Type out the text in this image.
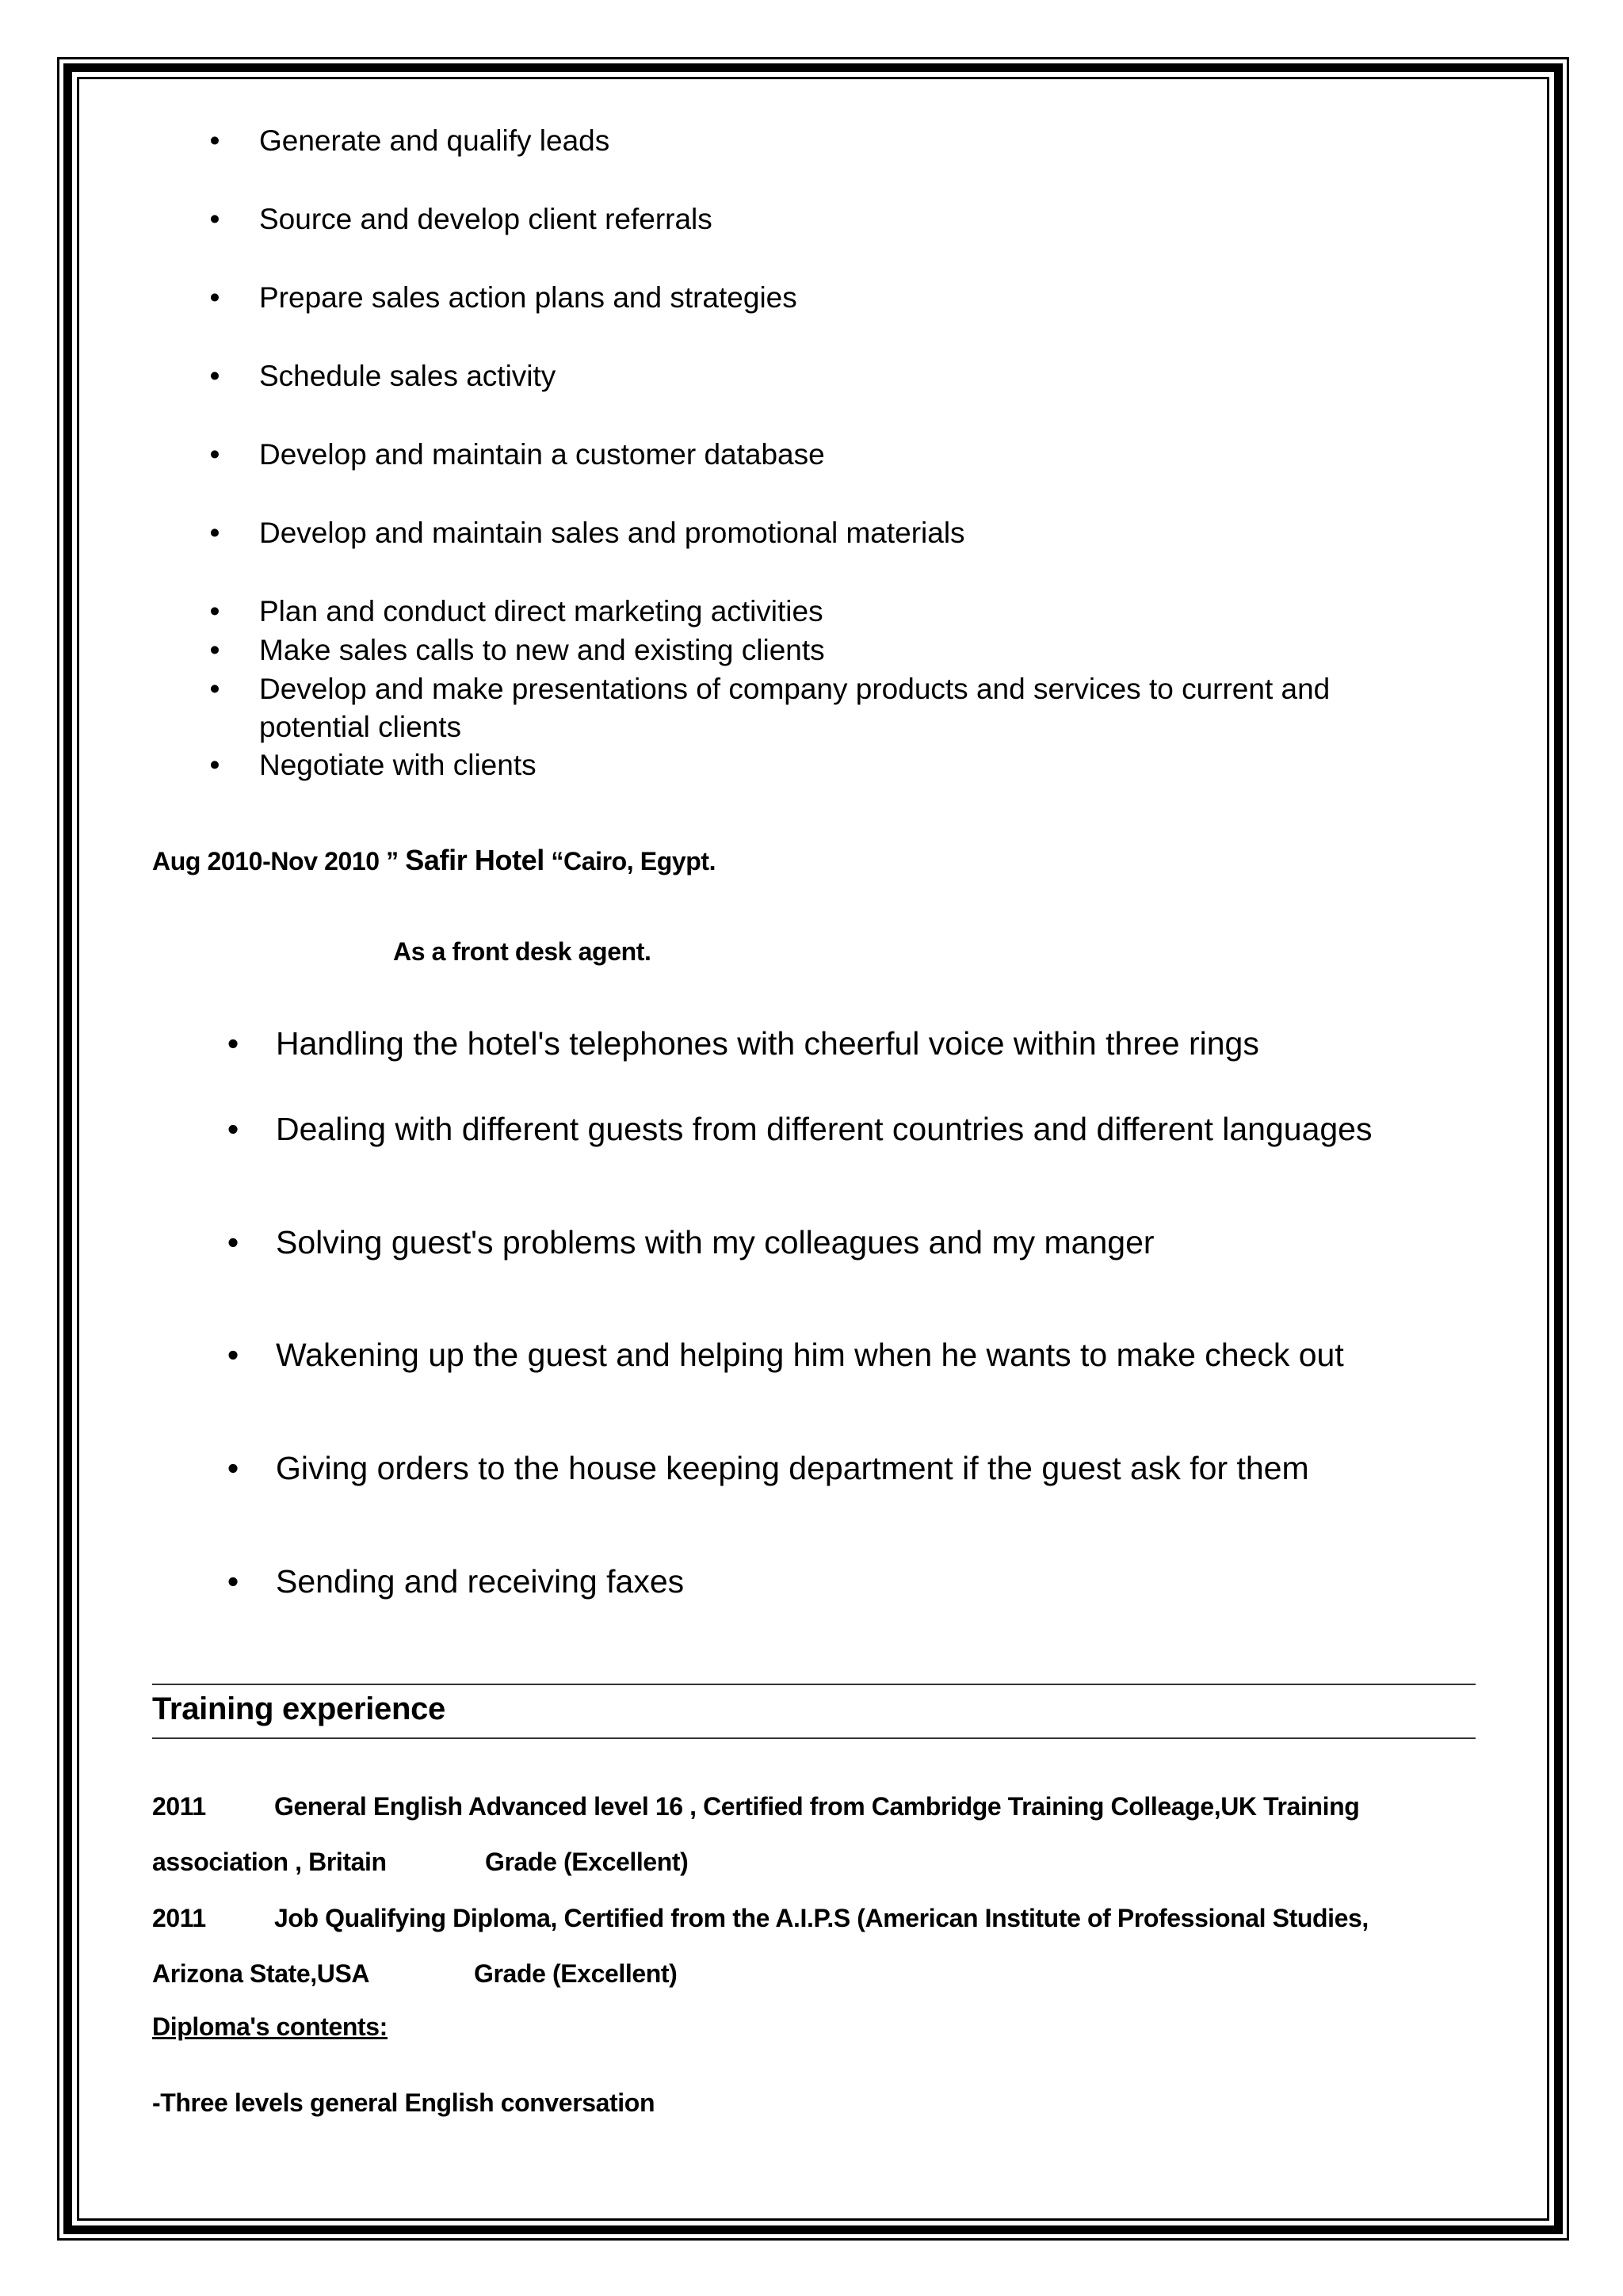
• Generate and qualify leads
• Source and develop client referrals
• Prepare sales action plans and strategies
• Schedule sales activity
• Develop and maintain a customer database
• Develop and maintain sales and promotional materials
• Plan and conduct direct marketing activities
• Make sales calls to new and existing clients
• Develop and make presentations of company products and services to current and
potential clients
• Negotiate with clients
Aug 2010-Nov 2010 ” Safir Hotel “Cairo, Egypt.
As a front desk agent.
• Handling the hotel's telephones with cheerful voice within three rings
• Dealing with different guests from different countries and different languages
• Solving guest's problems with my colleagues and my manger
• Wakening up the guest and helping him when he wants to make check out
• Giving orders to the house keeping department if the guest ask for them
• Sending and receiving faxes
Training experience
2011	General English Advanced level 16 , Certified from Cambridge Training Colleage,UK Training
association , Britain	Grade (Excellent)
2011	Job Qualifying Diploma, Certified from the A.I.P.S (American Institute of Professional Studies,
Arizona State,USA	Grade (Excellent)
Diploma's contents:
-Three levels general English conversation
